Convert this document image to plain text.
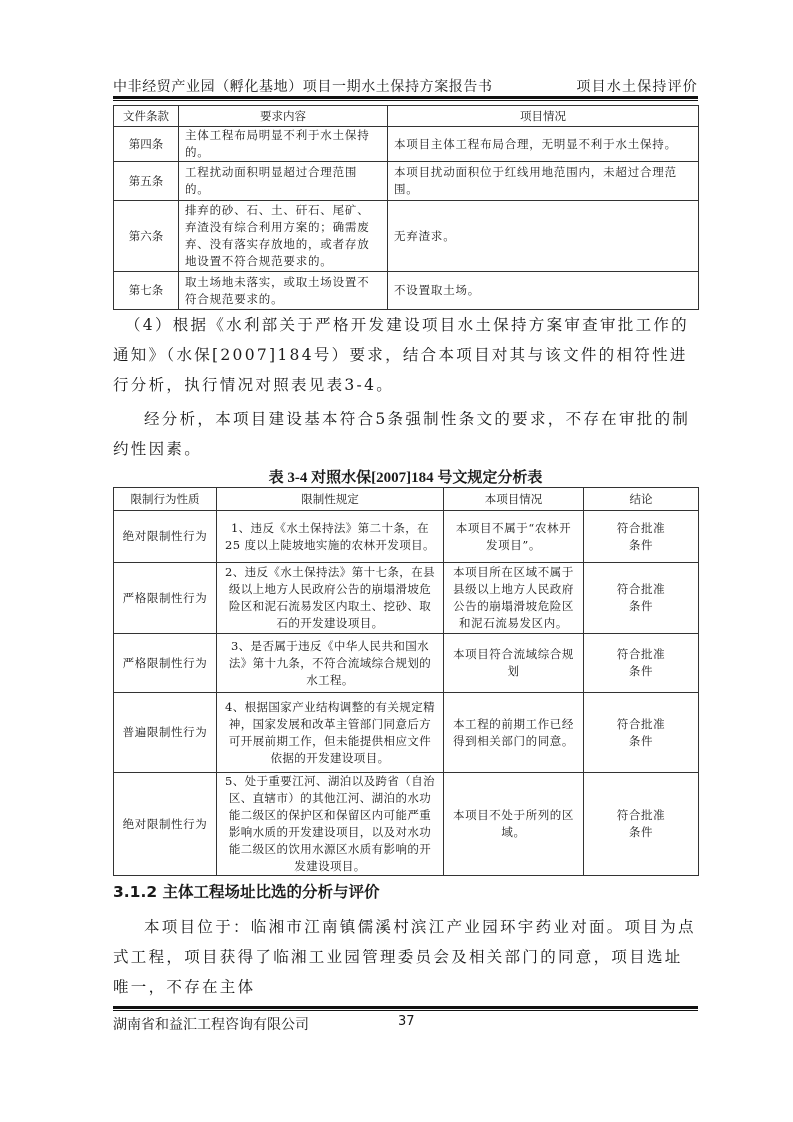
中非经贸产业园（孵化基地）项目一期水土保持方案报告书	项目水土保持评价
文件条款	要求内容	项目情况
第四条	主体工程布局明显不利于水土保持的。	本项目主体工程布局合理，无明显不利于水土保持。
第五条	工程扰动面积明显超过合理范围的。	本项目扰动面积位于红线用地范围内，未超过合理范围。
第六条	排弃的砂、石、土、矸石、尾矿、弃渣没有综合利用方案的；确需废弃、没有落实存放地的，或者存放地设置不符合规范要求的。	无弃渣求。
第七条	取土场地未落实，或取土场设置不符合规范要求的。	不设置取土场。
（4）根据《水利部关于严格开发建设项目水土保持方案审查审批工作的通知》（水保[2007]184号）要求，结合本项目对其与该文件的相符性进行分析，执行情况对照表见表3-4。
经分析，本项目建设基本符合5条强制性条文的要求，不存在审批的制约性因素。
表 3-4 对照水保[2007]184 号文规定分析表
限制行为性质	限制性规定	本项目情况	结论
绝对限制性行为	1、违反《水土保持法》第二十条，在 25 度以上陡坡地实施的农林开发项目。	本项目不属于“农林开发项目”。	符合批准条件
严格限制性行为	2、违反《水土保持法》第十七条，在县级以上地方人民政府公告的崩塌滑坡危险区和泥石流易发区内取土、挖砂、取石的开发建设项目。	本项目所在区域不属于县级以上地方人民政府公告的崩塌滑坡危险区和泥石流易发区内。	符合批准条件
严格限制性行为	3、是否属于违反《中华人民共和国水法》第十九条，不符合流域综合规划的水工程。	本项目符合流域综合规划	符合批准条件
普遍限制性行为	4、根据国家产业结构调整的有关规定精神，国家发展和改革主管部门同意后方可开展前期工作，但未能提供相应文件依据的开发建设项目。	本工程的前期工作已经得到相关部门的同意。	符合批准条件
绝对限制性行为	5、处于重要江河、湖泊以及跨省（自治区、直辖市）的其他江河、湖泊的水功能二级区的保护区和保留区内可能严重影响水质的开发建设项目，以及对水功能二级区的饮用水源区水质有影响的开发建设项目。	本项目不处于所列的区域。	符合批准条件
3.1.2 主体工程场址比选的分析与评价
本项目位于：临湘市江南镇儒溪村滨江产业园环宇药业对面。项目为点式工程，项目获得了临湘工业园管理委员会及相关部门的同意，项目选址唯一，不存在主体
湖南省和益汇工程咨询有限公司	37
